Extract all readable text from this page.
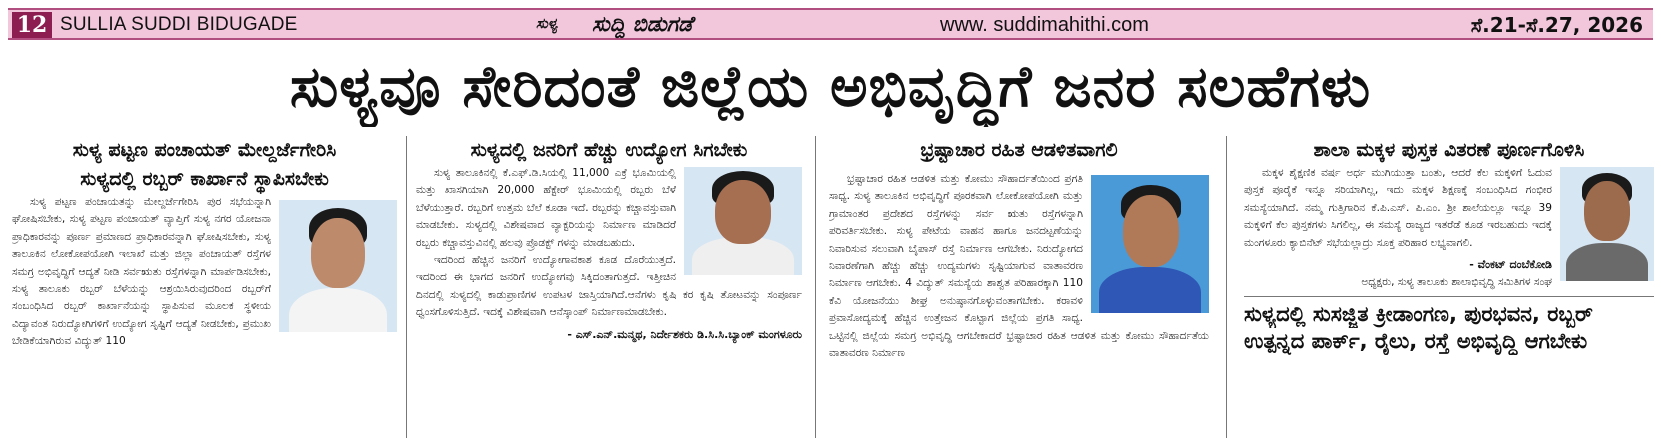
12 SULLIA SUDDI BIDUGADE	ಸುಳ್ಯ ಸುದ್ದಿ ಬಿಡುಗಡೆ	www. suddimahithi.com	ಸೆ.21-ಸೆ.27, 2026
ಸುಳ್ಯವೂ ಸೇರಿದಂತೆ ಜಿಲ್ಲೆಯ ಅಭಿವೃದ್ಧಿಗೆ ಜನರ ಸಲಹೆಗಳು
ಸುಳ್ಯ ಪಟ್ಟಣ ಪಂಚಾಯತ್ ಮೇಲ್ದರ್ಜೆಗೇರಿಸಿ
ಸುಳ್ಯದಲ್ಲಿ ರಬ್ಬರ್ ಕಾರ್ಖಾನೆ ಸ್ಥಾಪಿಸಬೇಕು

ಸುಳ್ಯ ಪಟ್ಟಣ ಪಂಚಾಯತನ್ನು ಮೇಲ್ದರ್ಜೆಗೇರಿಸಿ ಪುರ ಸಭೆಯನ್ನಾಗಿ ಘೋಷಿಸಬೇಕು, ಸುಳ್ಯ ಪಟ್ಟಣ ಪಂಚಾಯತ್ ವ್ಯಾಪ್ತಿಗೆ ಸುಳ್ಯ ನಗರ ಯೋಜನಾ ಪ್ರಾಧಿಕಾರವನ್ನು ಪೂರ್ಣ ಪ್ರಮಾಣದ ಪ್ರಾಧಿಕಾರವನ್ನಾಗಿ ಘೋಷಿಸಬೇಕು, ಸುಳ್ಯ ತಾಲೂಕಿನ ಲೋಕೋಪಯೋಗಿ ಇಲಾಖೆ ಮತ್ತು ಜಿಲ್ಲಾ ಪಂಚಾಯತ್ ರಸ್ತೆಗಳ ಸಮಗ್ರ ಅಭಿವೃದ್ಧಿಗೆ ಆದ್ಯತೆ ನೀಡಿ ಸರ್ವಋತು ರಸ್ತೆಗಳನ್ನಾಗಿ ಮಾರ್ಪಡಿಸಬೇಕು, ಸುಳ್ಯ ತಾಲೂಕು ರಬ್ಬರ್ ಬೆಳೆಯನ್ನು ಆಶ್ರಯಿಸಿರುವುದರಿಂದ ರಬ್ಬರ್‌ಗೆ ಸಂಬಂಧಿಸಿದ ರಬ್ಬರ್ ಕಾರ್ಖಾನೆಯನ್ನು ಸ್ಥಾಪಿಸುವ ಮೂಲಕ ಸ್ಥಳೀಯ ವಿದ್ಯಾವಂತ ನಿರುದ್ಯೋಗಿಗಳಿಗೆ ಉದ್ಯೋಗ ಸೃಷ್ಟಿಗೆ ಆದ್ಯತೆ ನೀಡಬೇಕು, ಪ್ರಮುಖ ಬೇಡಿಕೆಯಾಗಿರುವ ವಿದ್ಯುತ್ 110

ಸುಳ್ಯದಲ್ಲಿ ಜನರಿಗೆ ಹೆಚ್ಚು ಉದ್ಯೋಗ ಸಿಗಬೇಕು

ಸುಳ್ಯ ತಾಲೂಕಿನಲ್ಲಿ ಕೆ.ಎಫ್.ಡಿ.ಸಿಯಲ್ಲಿ 11,000 ಎಕ್ರೆ ಭೂಮಿಯಲ್ಲಿ ಮತ್ತು ಖಾಸಗಿಯಾಗಿ 20,000 ಹೆಕ್ಟೇರ್ ಭೂಮಿಯಲ್ಲಿ ರಬ್ಬರು ಬೆಳೆ ಬೆಳೆಯುತ್ತಾರೆ. ರಬ್ಬರಿಗೆ ಉತ್ತಮ ಬೆಲೆ ಕೂಡಾ ಇದೆ. ರಬ್ಬರನ್ನು ಕಚ್ಚಾವಸ್ತುವಾಗಿ ಮಾಡಬೇಕು. ಸುಳ್ಯದಲ್ಲಿ ವಿಶೇಷವಾದ ವ್ಯಾಕ್ಟರಿಯನ್ನು ನಿರ್ಮಾಣ ಮಾಡಿದರೆ ರಬ್ಬರು ಕಚ್ಚಾವಸ್ತುವಿನಲ್ಲಿ ಹಲವು ಪ್ರೊಡಕ್ಟ್ ಗಳನ್ನು ಮಾಡಬಹುದು.

ಇದರಿಂದ ಹೆಚ್ಚಿನ ಜನರಿಗೆ ಉದ್ಯೋಗಾವಕಾಶ ಕೂಡ ದೊರೆಯುತ್ತದೆ. ಇದರಿಂದ ಈ ಭಾಗದ ಜನರಿಗೆ ಉದ್ಯೋಗವು ಸಿಕ್ಕಿದಂತಾಗುತ್ತದೆ. ಇತ್ತೀಚಿನ ದಿನದಲ್ಲಿ ಸುಳ್ಯದಲ್ಲಿ ಕಾಡುಪ್ರಾಣಿಗಳ ಉಪಟಳ ಜಾಸ್ತಿಯಾಗಿದೆ.ಆನೆಗಳು ಕೃಷಿ ಕರ ಕೃಷಿ ತೋಟವನ್ನು ಸಂಪೂರ್ಣ ಧ್ವಂಸಗೊಳಿಸುತ್ತಿದೆ. ಇದಕ್ಕೆ ವಿಶೇಷವಾಗಿ ಆನೆಸ್ಕಾಂಪ್ ನಿರ್ಮಾಣಮಾಡಬೇಕು.

- ಎಸ್.ಎನ್.ಮನ್ಮಥ, ನಿರ್ದೇಶಕರು ಡಿ.ಸಿ.ಸಿ.ಬ್ಯಾಂಕ್ ಮಂಗಳೂರು
ಭ್ರಷ್ಟಾಚಾರ ರಹಿತ ಆಡಳಿತವಾಗಲಿ

ಭ್ರಷ್ಟಾಚಾರ ರಹಿತ ಆಡಳಿತ ಮತ್ತು ಕೋಮು ಸೌಹಾರ್ದತೆಯಿಂದ ಪ್ರಗತಿ ಸಾಧ್ಯ. ಸುಳ್ಯ ತಾಲೂಕಿನ ಅಭಿವೃದ್ಧಿಗೆ ಪೂರಕವಾಗಿ ಲೋಕೋಪಯೋಗಿ ಮತ್ತು ಗ್ರಾಮಾಂತರ ಪ್ರದೇಶದ ರಸ್ತೆಗಳನ್ನು ಸರ್ವ ಋತು ರಸ್ತೆಗಳನ್ನಾಗಿ ಪರಿವರ್ತಿಸಬೇಕು. ಸುಳ್ಯ ಪೇಟೆಯ ವಾಹನ ಹಾಗೂ ಜನದಟ್ಟಣೆಯನ್ನು ನಿವಾರಿಸುವ ಸಲುವಾಗಿ ಬೈಪಾಸ್ ರಸ್ತೆ ನಿರ್ಮಾಣ ಆಗಬೇಕು. ನಿರುದ್ಯೋಗದ ನಿವಾರಣೆಗಾಗಿ ಹೆಚ್ಚು ಹೆಚ್ಚು ಉದ್ಯಮಗಳು ಸೃಷ್ಟಿಯಾಗುವ ವಾತಾವರಣ ನಿರ್ಮಾಣ ಆಗಬೇಕು. 4 ವಿದ್ಯುತ್ ಸಮಸ್ಯೆಯ ಶಾಶ್ವತ ಪರಿಹಾರಕ್ಕಾಗಿ 110 ಕೆವಿ ಯೋಜನೆಯು ಶೀಘ್ರ ಅನುಷ್ಠಾನಗೊಳ್ಳುವಂತಾಗಬೇಕು. ಕರಾವಳಿ ಪ್ರವಾಸೋದ್ಯಮಕ್ಕೆ ಹೆಚ್ಚಿನ ಉತ್ತೇಜನ ಕೊಟ್ಟಾಗ ಜಿಲ್ಲೆಯ ಪ್ರಗತಿ ಸಾಧ್ಯ. ಒಟ್ಟಿನಲ್ಲಿ ಜಿಲ್ಲೆಯ ಸಮಗ್ರ ಅಭಿವೃದ್ಧಿ ಆಗಬೇಕಾದರೆ ಭ್ರಷ್ಟಾಚಾರ ರಹಿತ ಆಡಳಿತ ಮತ್ತು ಕೋಮು ಸೌಹಾರ್ದತೆಯ ವಾತಾವರಣ ನಿರ್ಮಾಣ

ಶಾಲಾ ಮಕ್ಕಳ ಪುಸ್ತಕ ವಿತರಣೆ ಪೂರ್ಣಗೊಳಿಸಿ

ಮಕ್ಕಳ ಶೈಕ್ಷಣಿಕ ವರ್ಷ ಅರ್ಧ ಮುಗಿಯುತ್ತಾ ಬಂತು, ಆದರೆ ಕೆಲ ಮಕ್ಕಳಿಗೆ ಓದುವ ಪುಸ್ತಕ ಪೂರೈಕೆ ಇನ್ನೂ ಸರಿಯಾಗಿಲ್ಲ, ಇದು ಮಕ್ಕಳ ಶಿಕ್ಷಣಕ್ಕೆ ಸಂಬಂಧಿಸಿದ ಗಂಭೀರ ಸಮಸ್ಯೆಯಾಗಿದೆ. ನಮ್ಮ ಗುತ್ತಿಗಾರಿನ ಕೆ.ಪಿ.ಎಸ್. ಪಿ.ಎಂ. ಶ್ರೀ ಶಾಲೆಯಲ್ಲೂ ಇನ್ನೂ 39 ಮಕ್ಕಳಿಗೆ ಕೆಲ ಪುಸ್ತಕಗಳು ಸಿಗಲಿಲ್ಲ, ಈ ಸಮಸ್ಯೆ ರಾಜ್ಯದ ಇತರೆಡೆ ಕೂಡ ಇರಬಹುದು ಇದಕ್ಕೆ ಮಂಗಳೂರು ಕ್ಯಾಬಿನೆಟ್ ಸಭೆಯಲ್ಲಾದ್ರು ಸೂಕ್ತ ಪರಿಹಾರ ಲಭ್ಯವಾಗಲಿ.

- ವೆಂಕಟ್ ದಂಬೆಕೋಡಿ
ಅಧ್ಯಕ್ಷರು, ಸುಳ್ಯ ತಾಲೂಕು ಶಾಲಾಭಿವೃದ್ಧಿ ಸಮಿತಿಗಳ ಸಂಘ
ಸುಳ್ಯದಲ್ಲಿ ಸುಸಜ್ಜಿತ ಕ್ರೀಡಾಂಗಣ, ಪುರಭವನ, ರಬ್ಬರ್
ಉತ್ಪನ್ನದ ಪಾರ್ಕ್, ರೈಲು, ರಸ್ತೆ ಅಭಿವೃದ್ಧಿ ಆಗಬೇಕು
